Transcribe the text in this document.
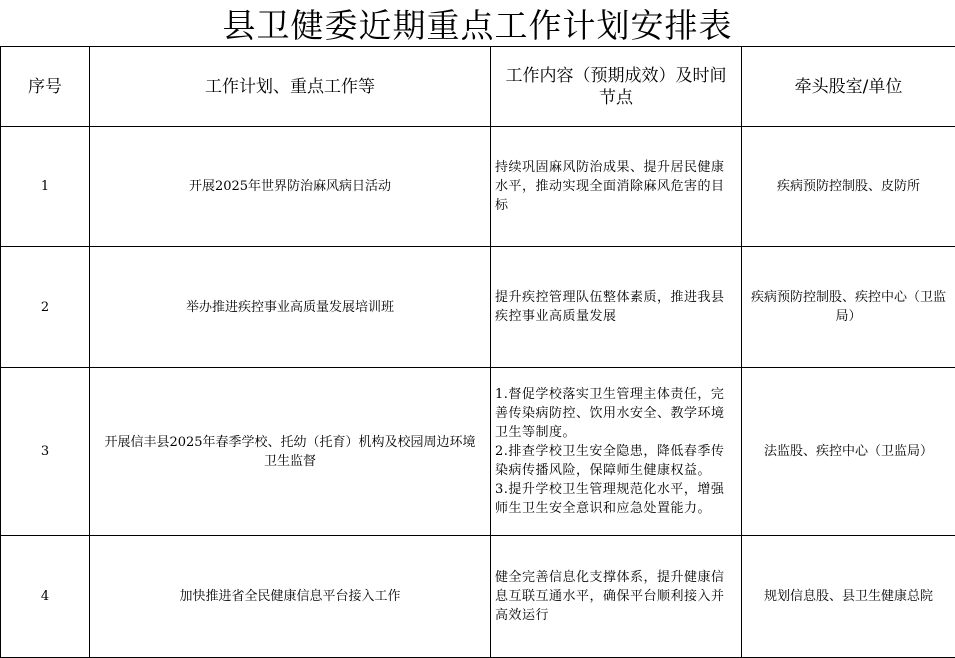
县卫健委近期重点工作计划安排表
序号	工作计划、重点工作等	工作内容（预期成效）及时间节点	牵头股室/单位
1	开展2025年世界防治麻风病日活动	持续巩固麻风防治成果、提升居民健康水平，推动实现全面消除麻风危害的目标	疾病预防控制股、皮防所
2	举办推进疾控事业高质量发展培训班	提升疾控管理队伍整体素质，推进我县疾控事业高质量发展	疾病预防控制股、疾控中心（卫监局）
3	开展信丰县2025年春季学校、托幼（托育）机构及校园周边环境卫生监督	1.督促学校落实卫生管理主体责任，完善传染病防控、饮用水安全、教学环境卫生等制度。
2.排查学校卫生安全隐患，降低春季传染病传播风险，保障师生健康权益。
3.提升学校卫生管理规范化水平，增强师生卫生安全意识和应急处置能力。	法监股、疾控中心（卫监局）
4	加快推进省全民健康信息平台接入工作	健全完善信息化支撑体系，提升健康信息互联互通水平，确保平台顺利接入并高效运行	规划信息股、县卫生健康总院
